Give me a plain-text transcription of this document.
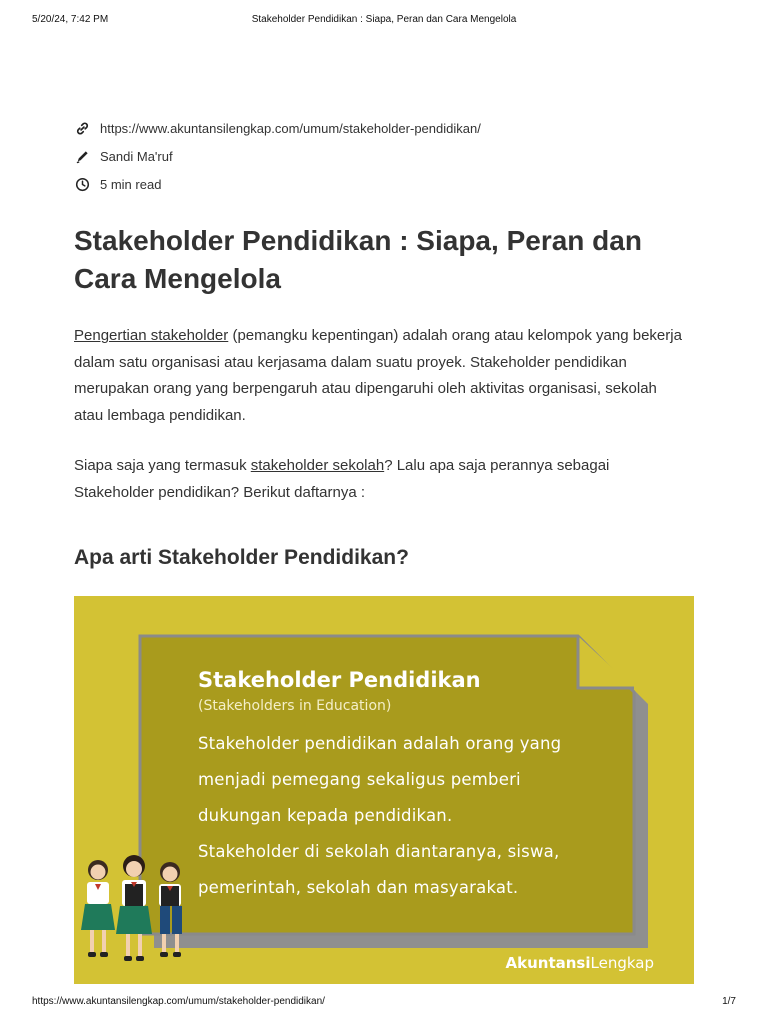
5/20/24, 7:42 PM	Stakeholder Pendidikan : Siapa, Peran dan Cara Mengelola
https://www.akuntansilengkap.com/umum/stakeholder-pendidikan/
Sandi Ma'ruf
5 min read
Stakeholder Pendidikan : Siapa, Peran dan Cara Mengelola

Pengertian stakeholder (pemangku kepentingan) adalah orang atau kelompok yang bekerja dalam satu organisasi atau kerjasama dalam suatu proyek. Stakeholder pendidikan merupakan orang yang berpengaruh atau dipengaruhi oleh aktivitas organisasi, sekolah atau lembaga pendidikan.

Siapa saja yang termasuk stakeholder sekolah? Lalu apa saja perannya sebagai Stakeholder pendidikan? Berikut daftarnya :

Apa arti Stakeholder Pendidikan?
Stakeholder Pendidikan
(Stakeholders in Education)
Stakeholder pendidikan adalah orang yang
menjadi pemegang sekaligus pemberi
dukungan kepada pendidikan.
Stakeholder di sekolah diantaranya, siswa,
pemerintah, sekolah dan masyarakat.
AkuntansiLengkap
https://www.akuntansilengkap.com/umum/stakeholder-pendidikan/	1/7
